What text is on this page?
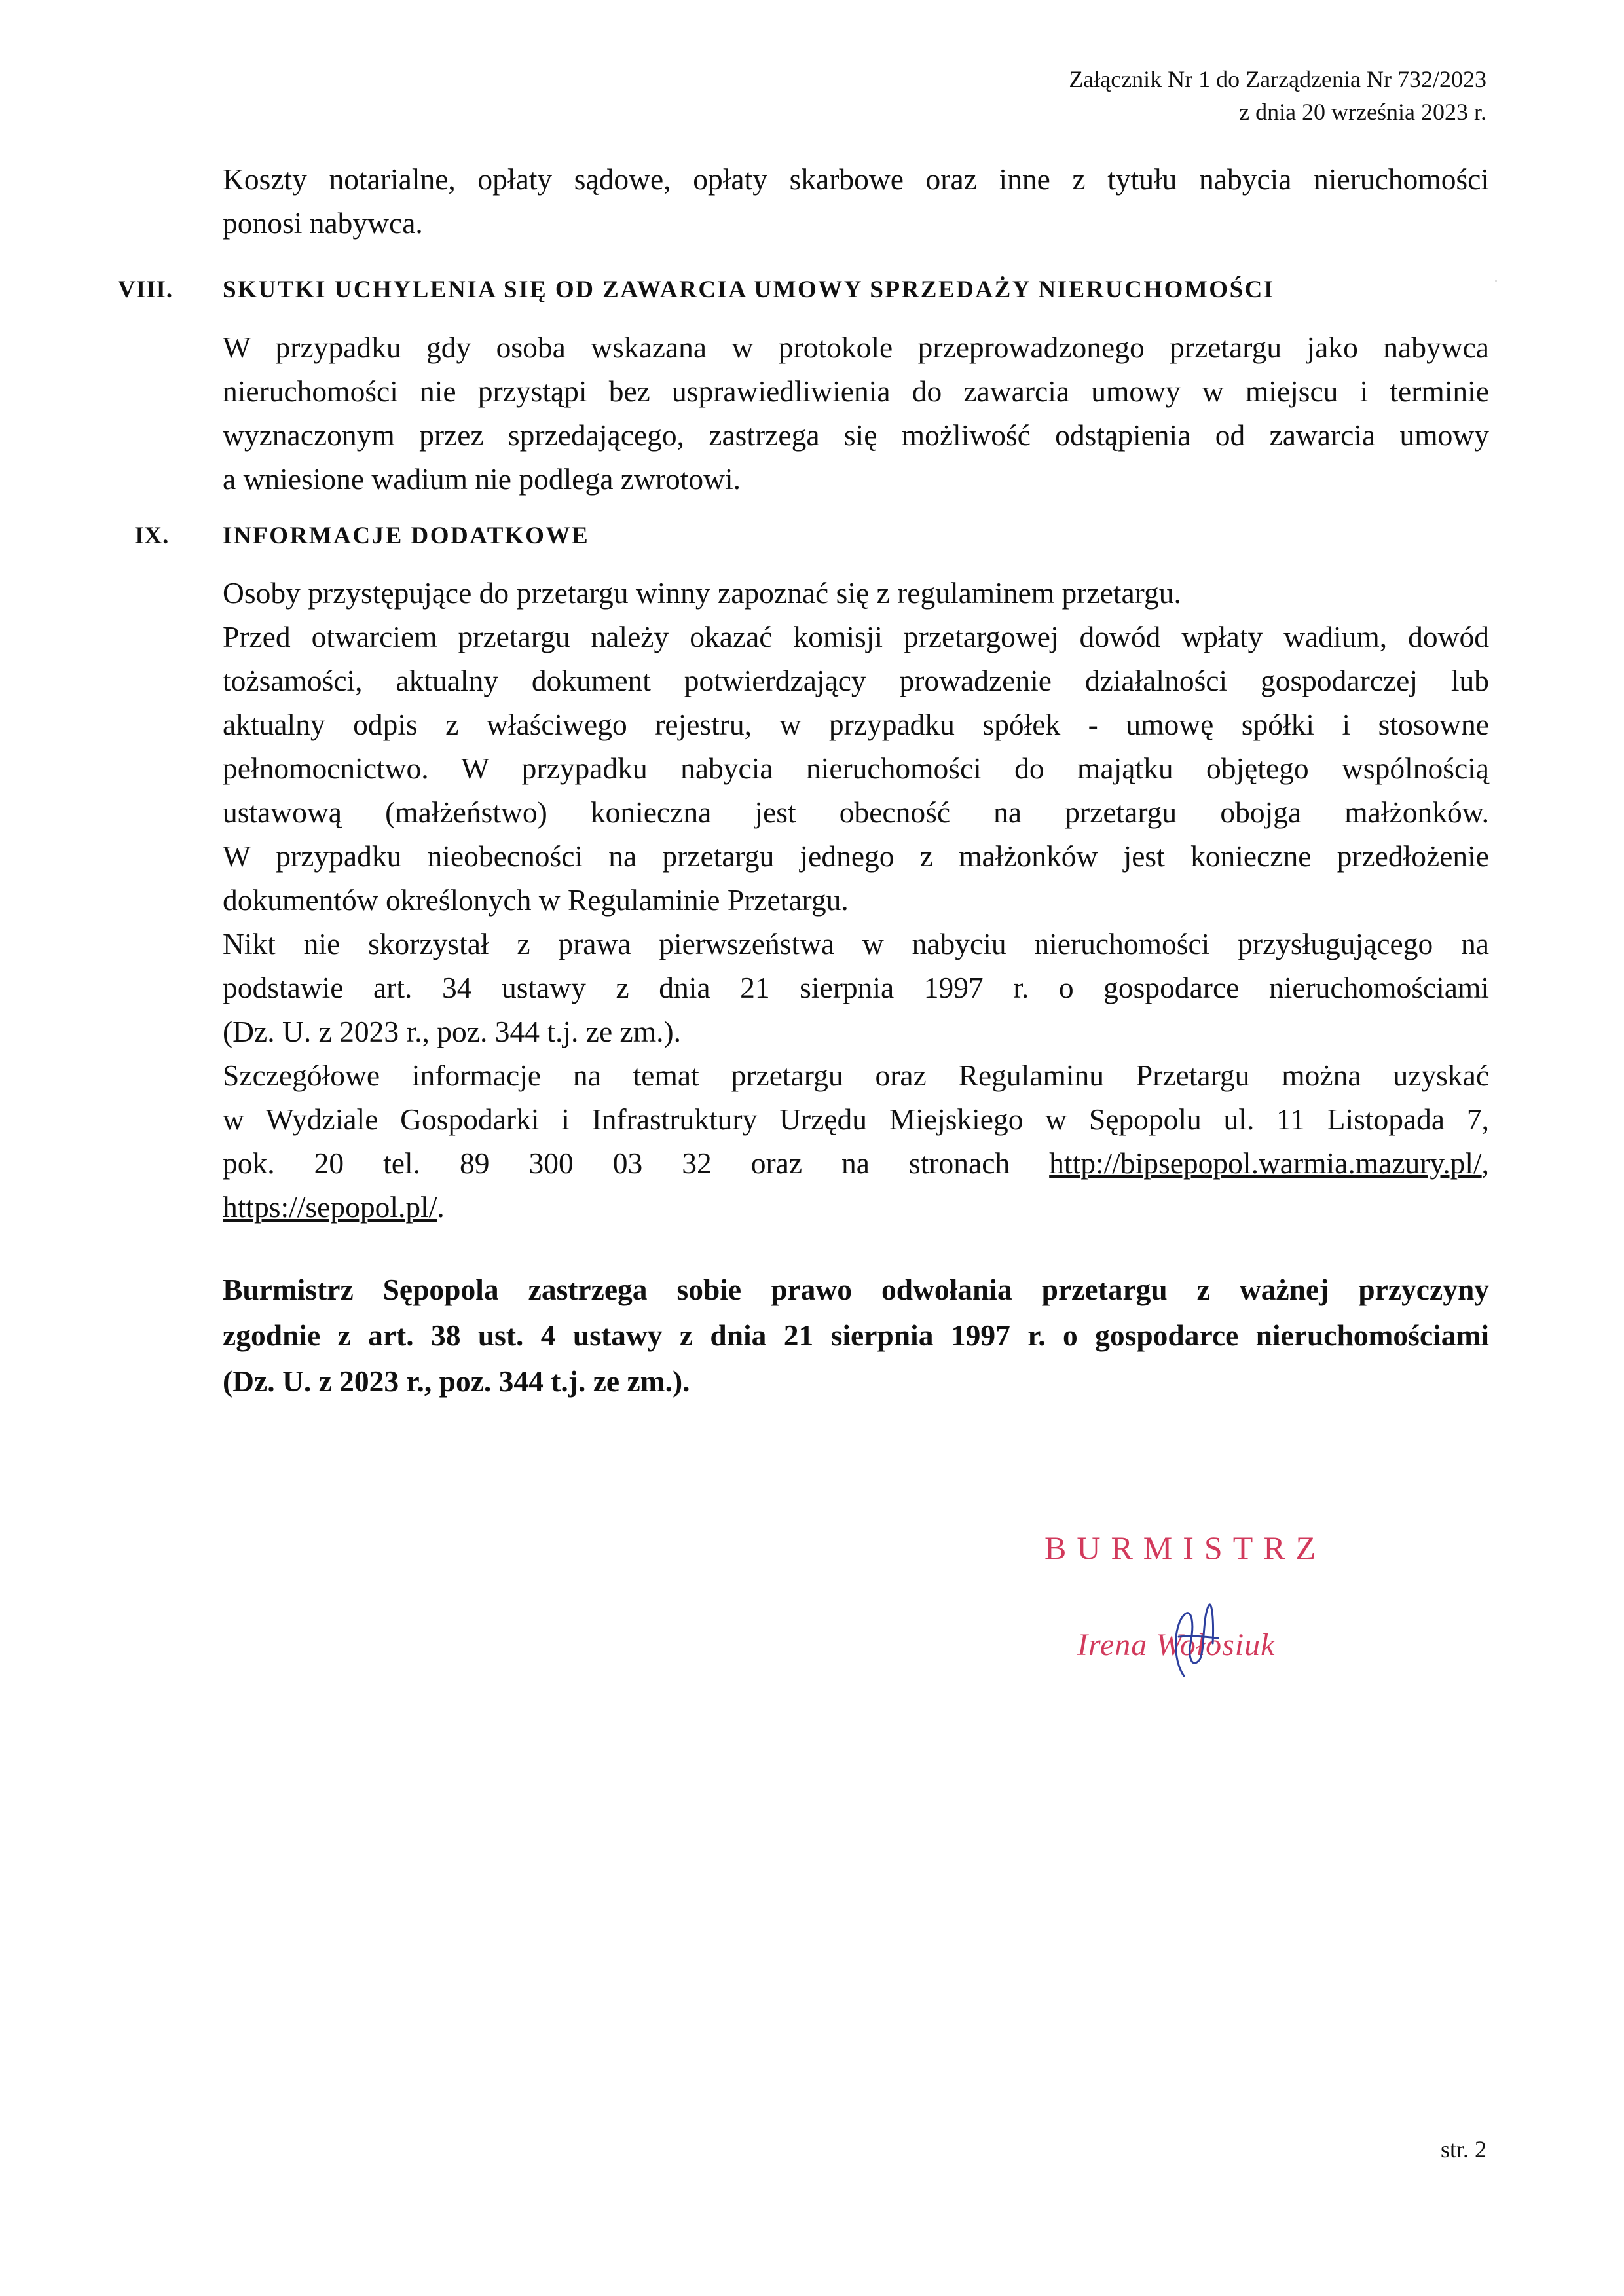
Załącznik Nr 1 do Zarządzenia Nr 732/2023
z dnia 20 września 2023 r.
Koszty notarialne, opłaty sądowe, opłaty skarbowe oraz inne z tytułu nabycia nieruchomości
ponosi nabywca.
VIII. SKUTKI UCHYLENIA SIĘ OD ZAWARCIA UMOWY SPRZEDAŻY NIERUCHOMOŚCI
W przypadku gdy osoba wskazana w protokole przeprowadzonego przetargu jako nabywca
nieruchomości nie przystąpi bez usprawiedliwienia do zawarcia umowy w miejscu i terminie
wyznaczonym przez sprzedającego, zastrzega się możliwość odstąpienia od zawarcia umowy
a wniesione wadium nie podlega zwrotowi.
IX. INFORMACJE DODATKOWE
Osoby przystępujące do przetargu winny zapoznać się z regulaminem przetargu.
Przed otwarciem przetargu należy okazać komisji przetargowej dowód wpłaty wadium, dowód
tożsamości, aktualny dokument potwierdzający prowadzenie działalności gospodarczej lub
aktualny odpis z właściwego rejestru, w przypadku spółek - umowę spółki i stosowne
pełnomocnictwo. W przypadku nabycia nieruchomości do majątku objętego wspólnością
ustawową (małżeństwo) konieczna jest obecność na przetargu obojga małżonków.
W przypadku nieobecności na przetargu jednego z małżonków jest konieczne przedłożenie
dokumentów określonych w Regulaminie Przetargu.
Nikt nie skorzystał z prawa pierwszeństwa w nabyciu nieruchomości przysługującego na
podstawie art. 34 ustawy z dnia 21 sierpnia 1997 r. o gospodarce nieruchomościami
(Dz. U. z 2023 r., poz. 344 t.j. ze zm.).
Szczegółowe informacje na temat przetargu oraz Regulaminu Przetargu można uzyskać
w Wydziale Gospodarki i Infrastruktury Urzędu Miejskiego w Sępopolu ul. 11 Listopada 7,
pok. 20 tel. 89 300 03 32 oraz na stronach http://bipsepopol.warmia.mazury.pl/,
https://sepopol.pl/.
Burmistrz Sępopola zastrzega sobie prawo odwołania przetargu z ważnej przyczyny
zgodnie z art. 38 ust. 4 ustawy z dnia 21 sierpnia 1997 r. o gospodarce nieruchomościami
(Dz. U. z 2023 r., poz. 344 t.j. ze zm.).
BURMISTRZ
Irena Wołosiuk
str. 2
